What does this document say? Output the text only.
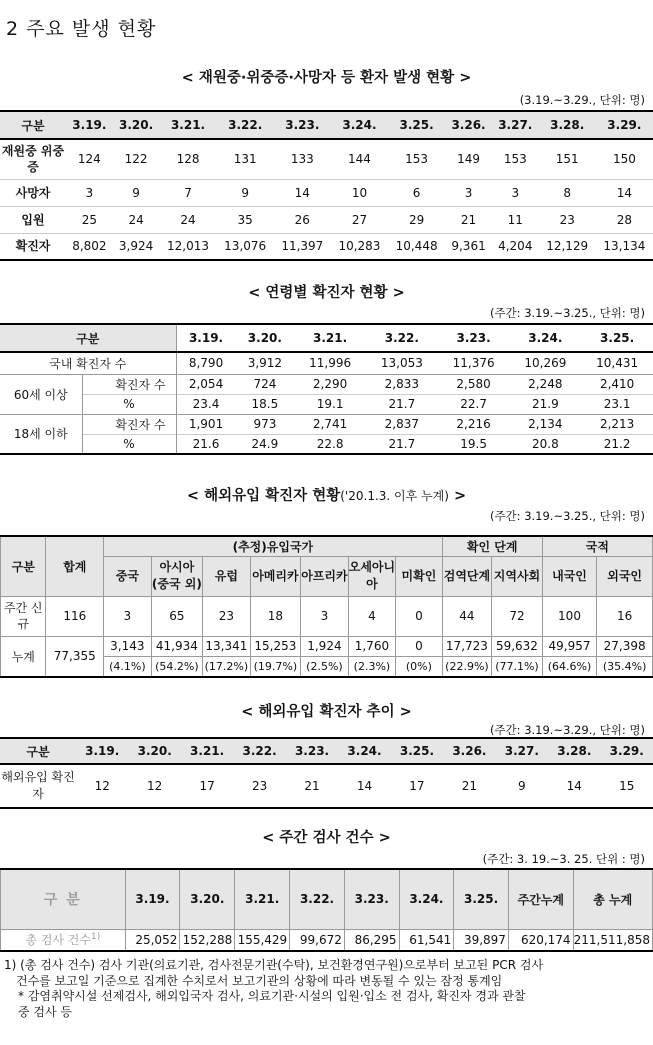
2 주요 발생 현황
< 재원중·위중증·사망자 등 환자 발생 현황 >
(3.19.~3.29., 단위: 명)
구분	3.19.	3.20.	3.21.	3.22.	3.23.	3.24.	3.25.	3.26.	3.27.	3.28.	3.29.
재원중 위중증	124	122	128	131	133	144	153	149	153	151	150
사망자	3	9	7	9	14	10	6	3	3	8	14
입원	25	24	24	35	26	27	29	21	11	23	28
확진자	8,802	3,924	12,013	13,076	11,397	10,283	10,448	9,361	4,204	12,129	13,134
< 연령별 확진자 현황 >
(주간: 3.19.~3.25., 단위: 명)
구분		3.19.	3.20.	3.21.	3.22.	3.23.	3.24.	3.25.
국내 확진자 수		8,790	3,912	11,996	13,053	11,376	10,269	10,431
60세 이상	확진자 수	2,054	724	2,290	2,833	2,580	2,248	2,410
	%	23.4	18.5	19.1	21.7	22.7	21.9	23.1
18세 이하	확진자 수	1,901	973	2,741	2,837	2,216	2,134	2,213
	%	21.6	24.9	22.8	21.7	19.5	20.8	21.2
< 해외유입 확진자 현황('20.1.3. 이후 누계) >
(주간: 3.19.~3.25., 단위: 명)
구분	합계	(추정)유입국가							확인 단계		국적	
		중국	아시아 (중국 외)	유럽	아메리카	아프리카	오세아니아	미확인	검역단계	지역사회	내국인	외국인
주간 신규	116	3	65	23	18	3	4	0	44	72	100	16
누계	77,355	3,143	41,934	13,341	15,253	1,924	1,760	0	17,723	59,632	49,957	27,398
		(4.1%)	(54.2%)	(17.2%)	(19.7%)	(2.5%)	(2.3%)	(0%)	(22.9%)	(77.1%)	(64.6%)	(35.4%)
< 해외유입 확진자 추이 >
(주간: 3.19.~3.29., 단위: 명)
구분	3.19.	3.20.	3.21.	3.22.	3.23.	3.24.	3.25.	3.26.	3.27.	3.28.	3.29.
해외유입 확진자	12	12	17	23	21	14	17	21	9	14	15
< 주간 검사 건수 >
(주간: 3. 19.~3. 25. 단위 : 명)
구 분	3.19.	3.20.	3.21.	3.22.	3.23.	3.24.	3.25.	주간누계	총 누계
총 검사 건수$^{1)}$	25,052	152,288	155,429	99,672	86,295	61,541	39,897	620,174	211,511,858
1) (총 검사 건수) 검사 기관(의료기관, 검사전문기관(수탁), 보건환경연구원)으로부터 보고된 PCR 검사
건수를 보고일 기준으로 집계한 수치로서 보고기관의 상황에 따라 변동될 수 있는 잠정 통계임
* 감염취약시설 선제검사, 해외입국자 검사, 의료기관·시설의 입원·입소 전 검사, 확진자 경과 관찰
중 검사 등
